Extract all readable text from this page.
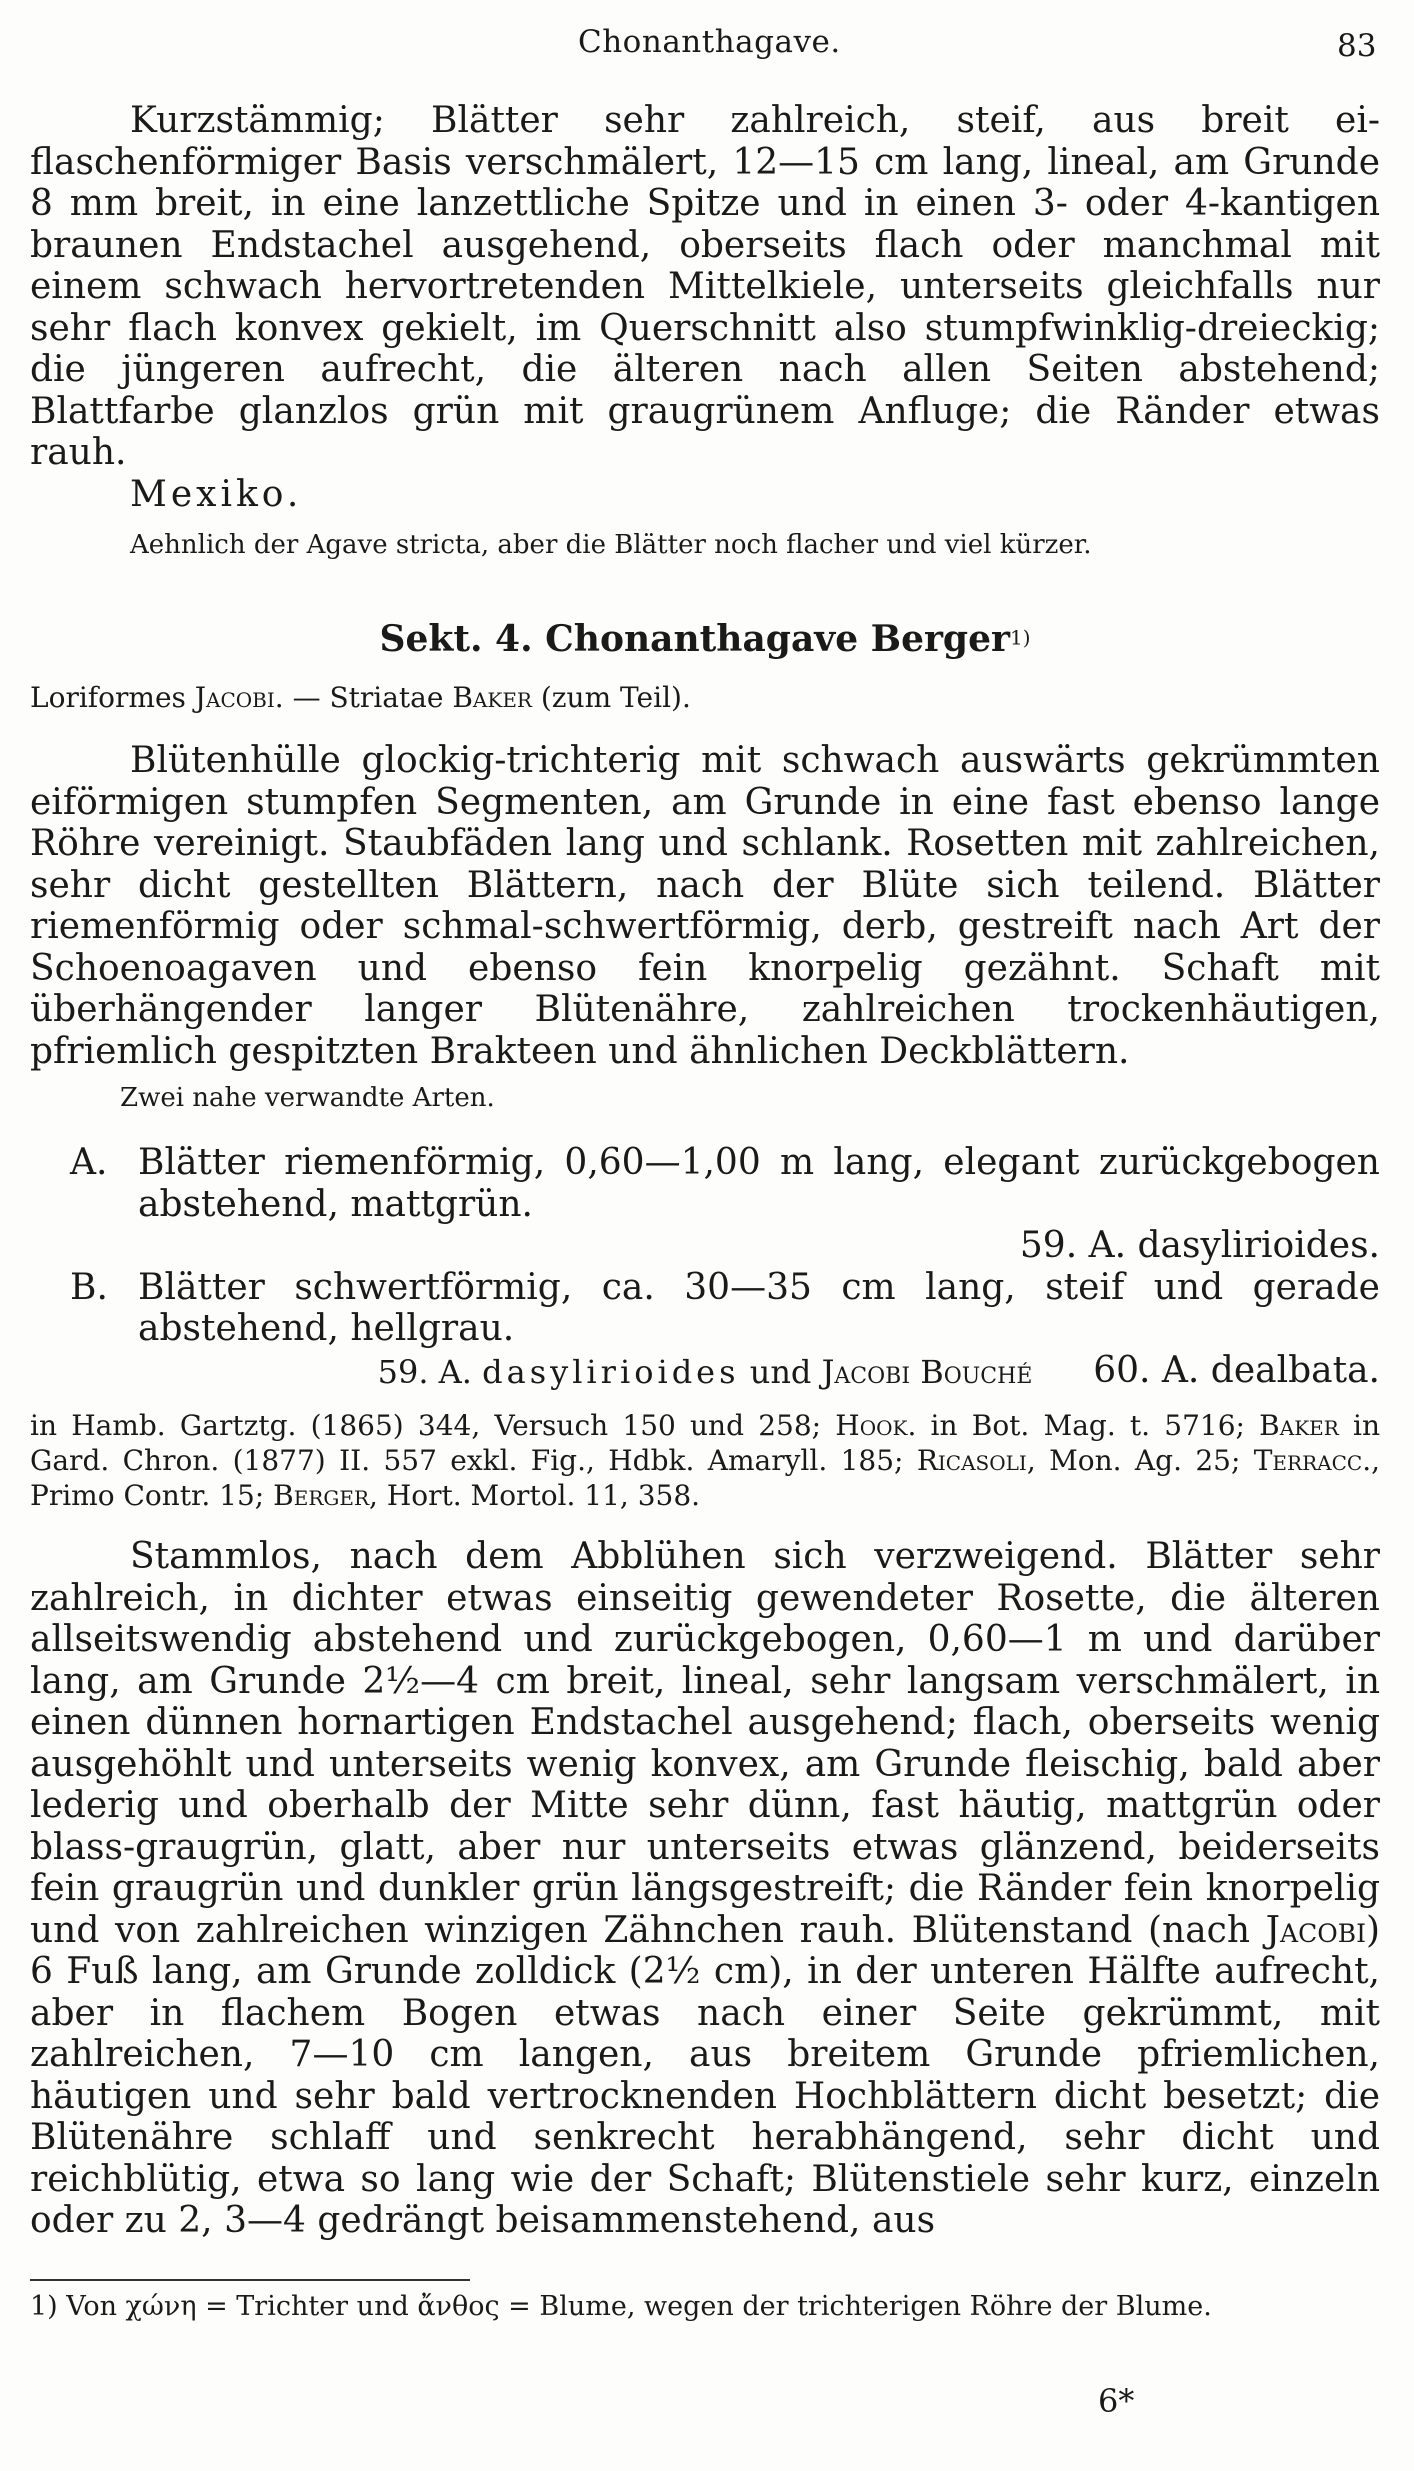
Chonanthagave.	83

Kurzstämmig; Blätter sehr zahlreich, steif, aus breit ei-flaschenförmiger Basis verschmälert, 12—15 cm lang, lineal, am Grunde 8 mm breit, in eine lanzettliche Spitze und in einen 3- oder 4-kantigen braunen Endstachel ausgehend, oberseits flach oder manchmal mit einem schwach hervortretenden Mittelkiele, unterseits gleichfalls nur sehr flach konvex gekielt, im Querschnitt also stumpfwinklig-dreieckig; die jüngeren aufrecht, die älteren nach allen Seiten abstehend; Blattfarbe glanzlos grün mit graugrünem Anfluge; die Ränder etwas rauh.

Mexiko.

Aehnlich der Agave stricta, aber die Blätter noch flacher und viel kürzer.

Sekt. 4. Chonanthagave Berger$^{1)}$

Loriformes Jacobi. — Striatae Baker (zum Teil).

Blütenhülle glockig-trichterig mit schwach auswärts gekrümmten eiförmigen stumpfen Segmenten, am Grunde in eine fast ebenso lange Röhre vereinigt. Staubfäden lang und schlank. Rosetten mit zahlreichen, sehr dicht gestellten Blättern, nach der Blüte sich teilend. Blätter riemenförmig oder schmal-schwertförmig, derb, gestreift nach Art der Schoenoagaven und ebenso fein knorpelig gezähnt. Schaft mit überhängender langer Blütenähre, zahlreichen trockenhäutigen, pfriemlich gespitzten Brakteen und ähnlichen Deckblättern.

Zwei nahe verwandte Arten.

A. Blätter riemenförmig, 0,60—1,00 m lang, elegant zurückgebogen abstehend, mattgrün.

59. A. dasylirioides.

B. Blätter schwertförmig, ca. 30—35 cm lang, steif und gerade abstehend, hellgrau.

60. A. dealbata.

59. A. dasylirioides und Jacobi Bouché

in Hamb. Gartztg. (1865) 344, Versuch 150 und 258; Hook. in Bot. Mag. t. 5716; Baker in Gard. Chron. (1877) II. 557 exkl. Fig., Hdbk. Amaryll. 185; Ricasoli, Mon. Ag. 25; Terracc., Primo Contr. 15; Berger, Hort. Mortol. 11, 358.

Stammlos, nach dem Abblühen sich verzweigend. Blätter sehr zahlreich, in dichter etwas einseitig gewendeter Rosette, die älteren allseitswendig abstehend und zurückgebogen, 0,60—1 m und darüber lang, am Grunde 2½—4 cm breit, lineal, sehr langsam verschmälert, in einen dünnen hornartigen Endstachel ausgehend; flach, oberseits wenig ausgehöhlt und unterseits wenig konvex, am Grunde fleischig, bald aber lederig und oberhalb der Mitte sehr dünn, fast häutig, mattgrün oder blass-graugrün, glatt, aber nur unterseits etwas glänzend, beiderseits fein graugrün und dunkler grün längsgestreift; die Ränder fein knorpelig und von zahlreichen winzigen Zähnchen rauh. Blütenstand (nach Jacobi) 6 Fuß lang, am Grunde zolldick (2½ cm), in der unteren Hälfte aufrecht, aber in flachem Bogen etwas nach einer Seite gekrümmt, mit zahlreichen, 7—10 cm langen, aus breitem Grunde pfriemlichen, häutigen und sehr bald vertrocknenden Hochblättern dicht besetzt; die Blütenähre schlaff und senkrecht herabhängend, sehr dicht und reichblütig, etwa so lang wie der Schaft; Blütenstiele sehr kurz, einzeln oder zu 2, 3—4 gedrängt beisammenstehend, aus

1) Von χώνη = Trichter und ἄνθος = Blume, wegen der trichterigen Röhre der Blume.

6*
